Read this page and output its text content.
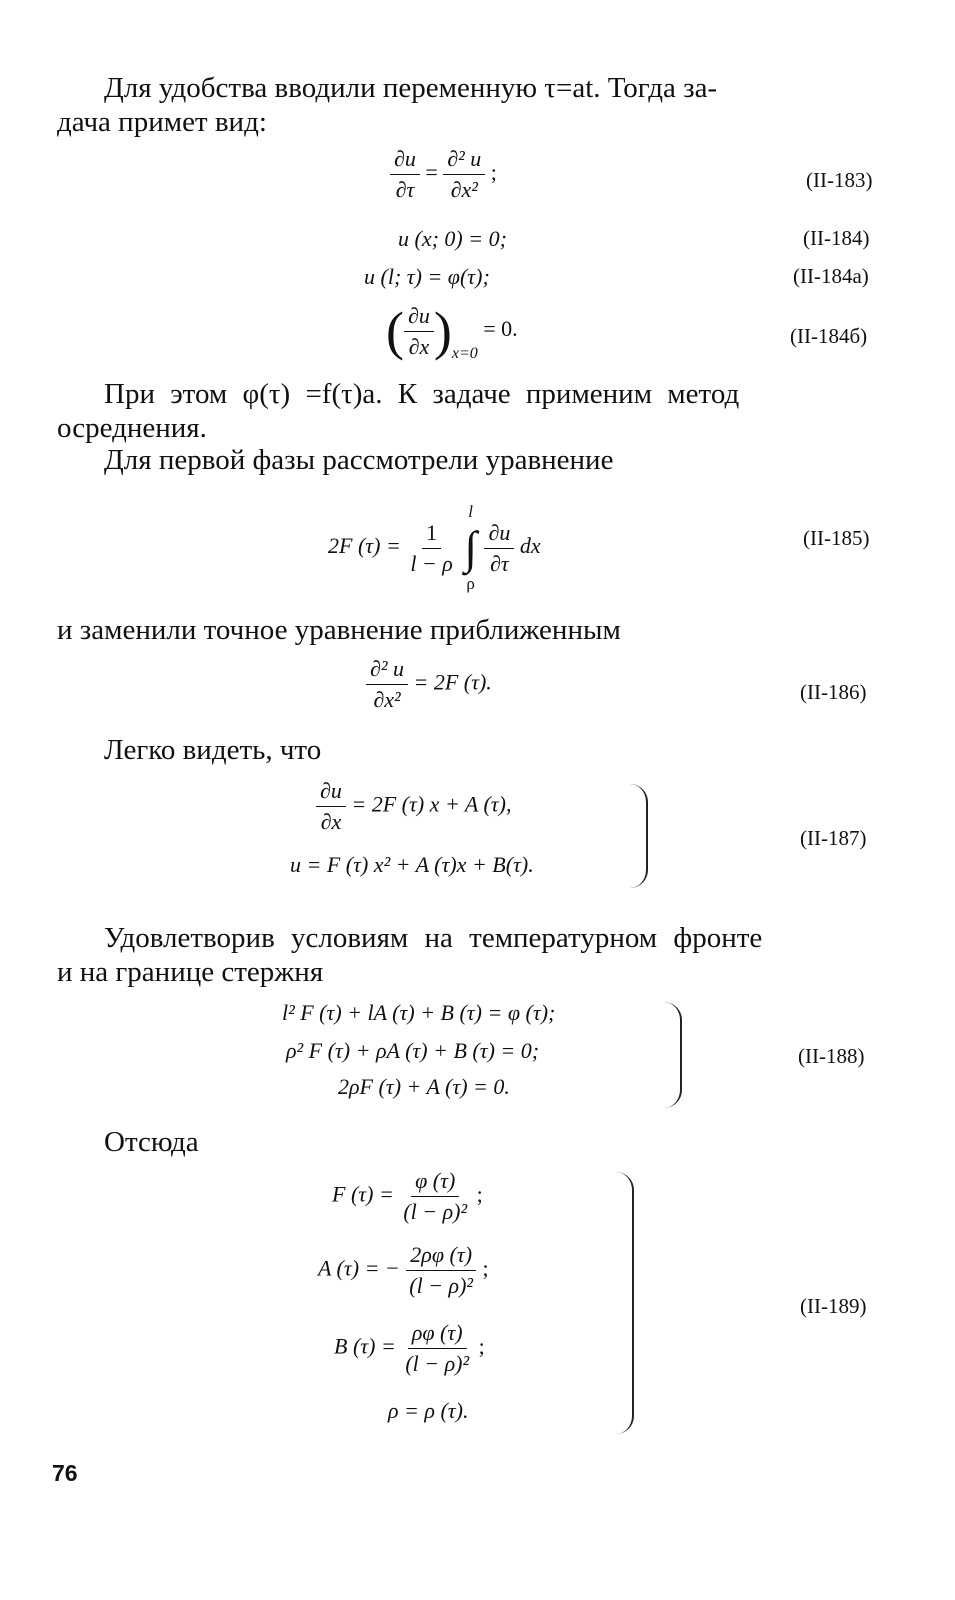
Для удобства вводили переменную τ=at. Тогда за-
дача примет вид:
$\frac{\partial u}{\partial\tau} = \frac{\text{∂² u}}{\text{∂x²}}$ ;	(II-183)
u (x; 0) = 0;	(II-184)
u (l; τ) = φ(τ);	(II-184a)
( $\frac{\partial u}{\partial x} )_{x=0} = 0$.	(II-184б)
При этом φ(τ) =f(τ)a. К задаче применим метод
осреднения.
Для первой фазы рассмотрели уравнение
2F $(\tau) = \frac{1}{l - \rho}$

l
∫
ρ

$\frac{\partial u}{\partial\tau}$ dx	(II-185)
и заменили точное уравнение приближенным
$\frac{\text{∂² u}}{\text{∂x²}} = 2F$ (τ).	(II-186)
Легко видеть, что
$\frac{\partial u}{\partial x} = 2F$ (τ) x + A (τ),
u = F (τ) x² + A (τ)x + B(τ).
(II-187)
Удовлетворив условиям на температурном фронте
и на границе стержня
l² F (τ) + lA (τ) + B (τ) = φ (τ);
ρ² F (τ) + ρA (τ) + B (τ) = 0;
2ρF (τ) + A (τ) = 0.
(II-188)
Отсюда
F $(\tau) = \frac{\varphi (\tau)}{\text{(l − ρ)²}}$ ;
A (τ) = − $\frac{2\rho\varphi (\tau)}{\text{(l − ρ)²}}$ ;
B $(\tau) = \frac{\rho\varphi (\tau)}{\text{(l − ρ)²}}$ ;
ρ = ρ (τ).
(II-189)
76
